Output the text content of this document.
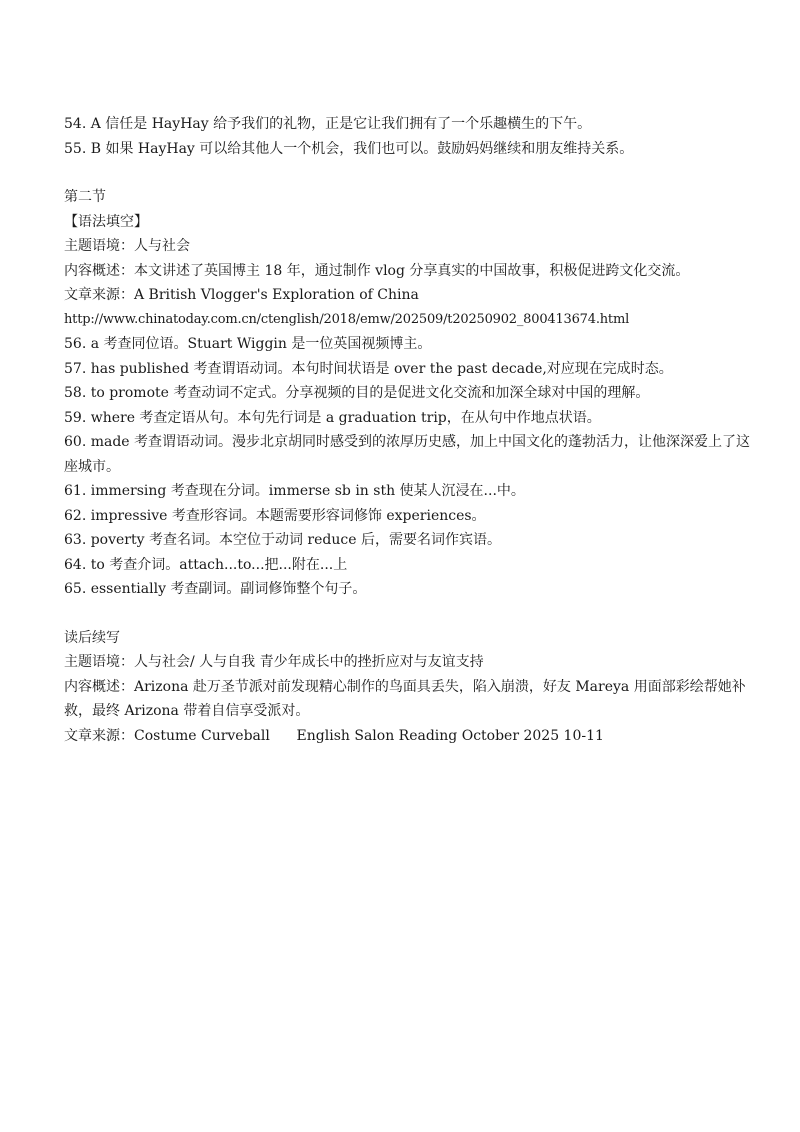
54. A 信任是 HayHay 给予我们的礼物，正是它让我们拥有了一个乐趣横生的下午。
55. B 如果 HayHay 可以给其他人一个机会，我们也可以。鼓励妈妈继续和朋友维持关系。
第二节
【语法填空】
主题语境：人与社会
内容概述：本文讲述了英国博主 18 年，通过制作 vlog 分享真实的中国故事，积极促进跨文化交流。
文章来源：A British Vlogger's Exploration of China
http://www.chinatoday.com.cn/ctenglish/2018/emw/202509/t20250902_800413674.html
56. a 考查同位语。Stuart Wiggin 是一位英国视频博主。
57. has published 考查谓语动词。本句时间状语是 over the past decade,对应现在完成时态。
58. to promote 考查动词不定式。分享视频的目的是促进文化交流和加深全球对中国的理解。
59. where 考查定语从句。本句先行词是 a graduation trip，在从句中作地点状语。
60. made 考查谓语动词。漫步北京胡同时感受到的浓厚历史感，加上中国文化的蓬勃活力，让他深深爱上了这座城市。
61. immersing 考查现在分词。immerse sb in sth 使某人沉浸在...中。
62. impressive 考查形容词。本题需要形容词修饰 experiences。
63. poverty 考查名词。本空位于动词 reduce 后，需要名词作宾语。
64. to 考查介词。attach...to...把...附在...上
65. essentially 考查副词。副词修饰整个句子。
读后续写
主题语境：人与社会/ 人与自我 青少年成长中的挫折应对与友谊支持
内容概述：Arizona 赴万圣节派对前发现精心制作的鸟面具丢失，陷入崩溃，好友 Mareya 用面部彩绘帮她补救，最终 Arizona 带着自信享受派对。
文章来源：Costume Curveball      English Salon Reading October 2025 10-11
